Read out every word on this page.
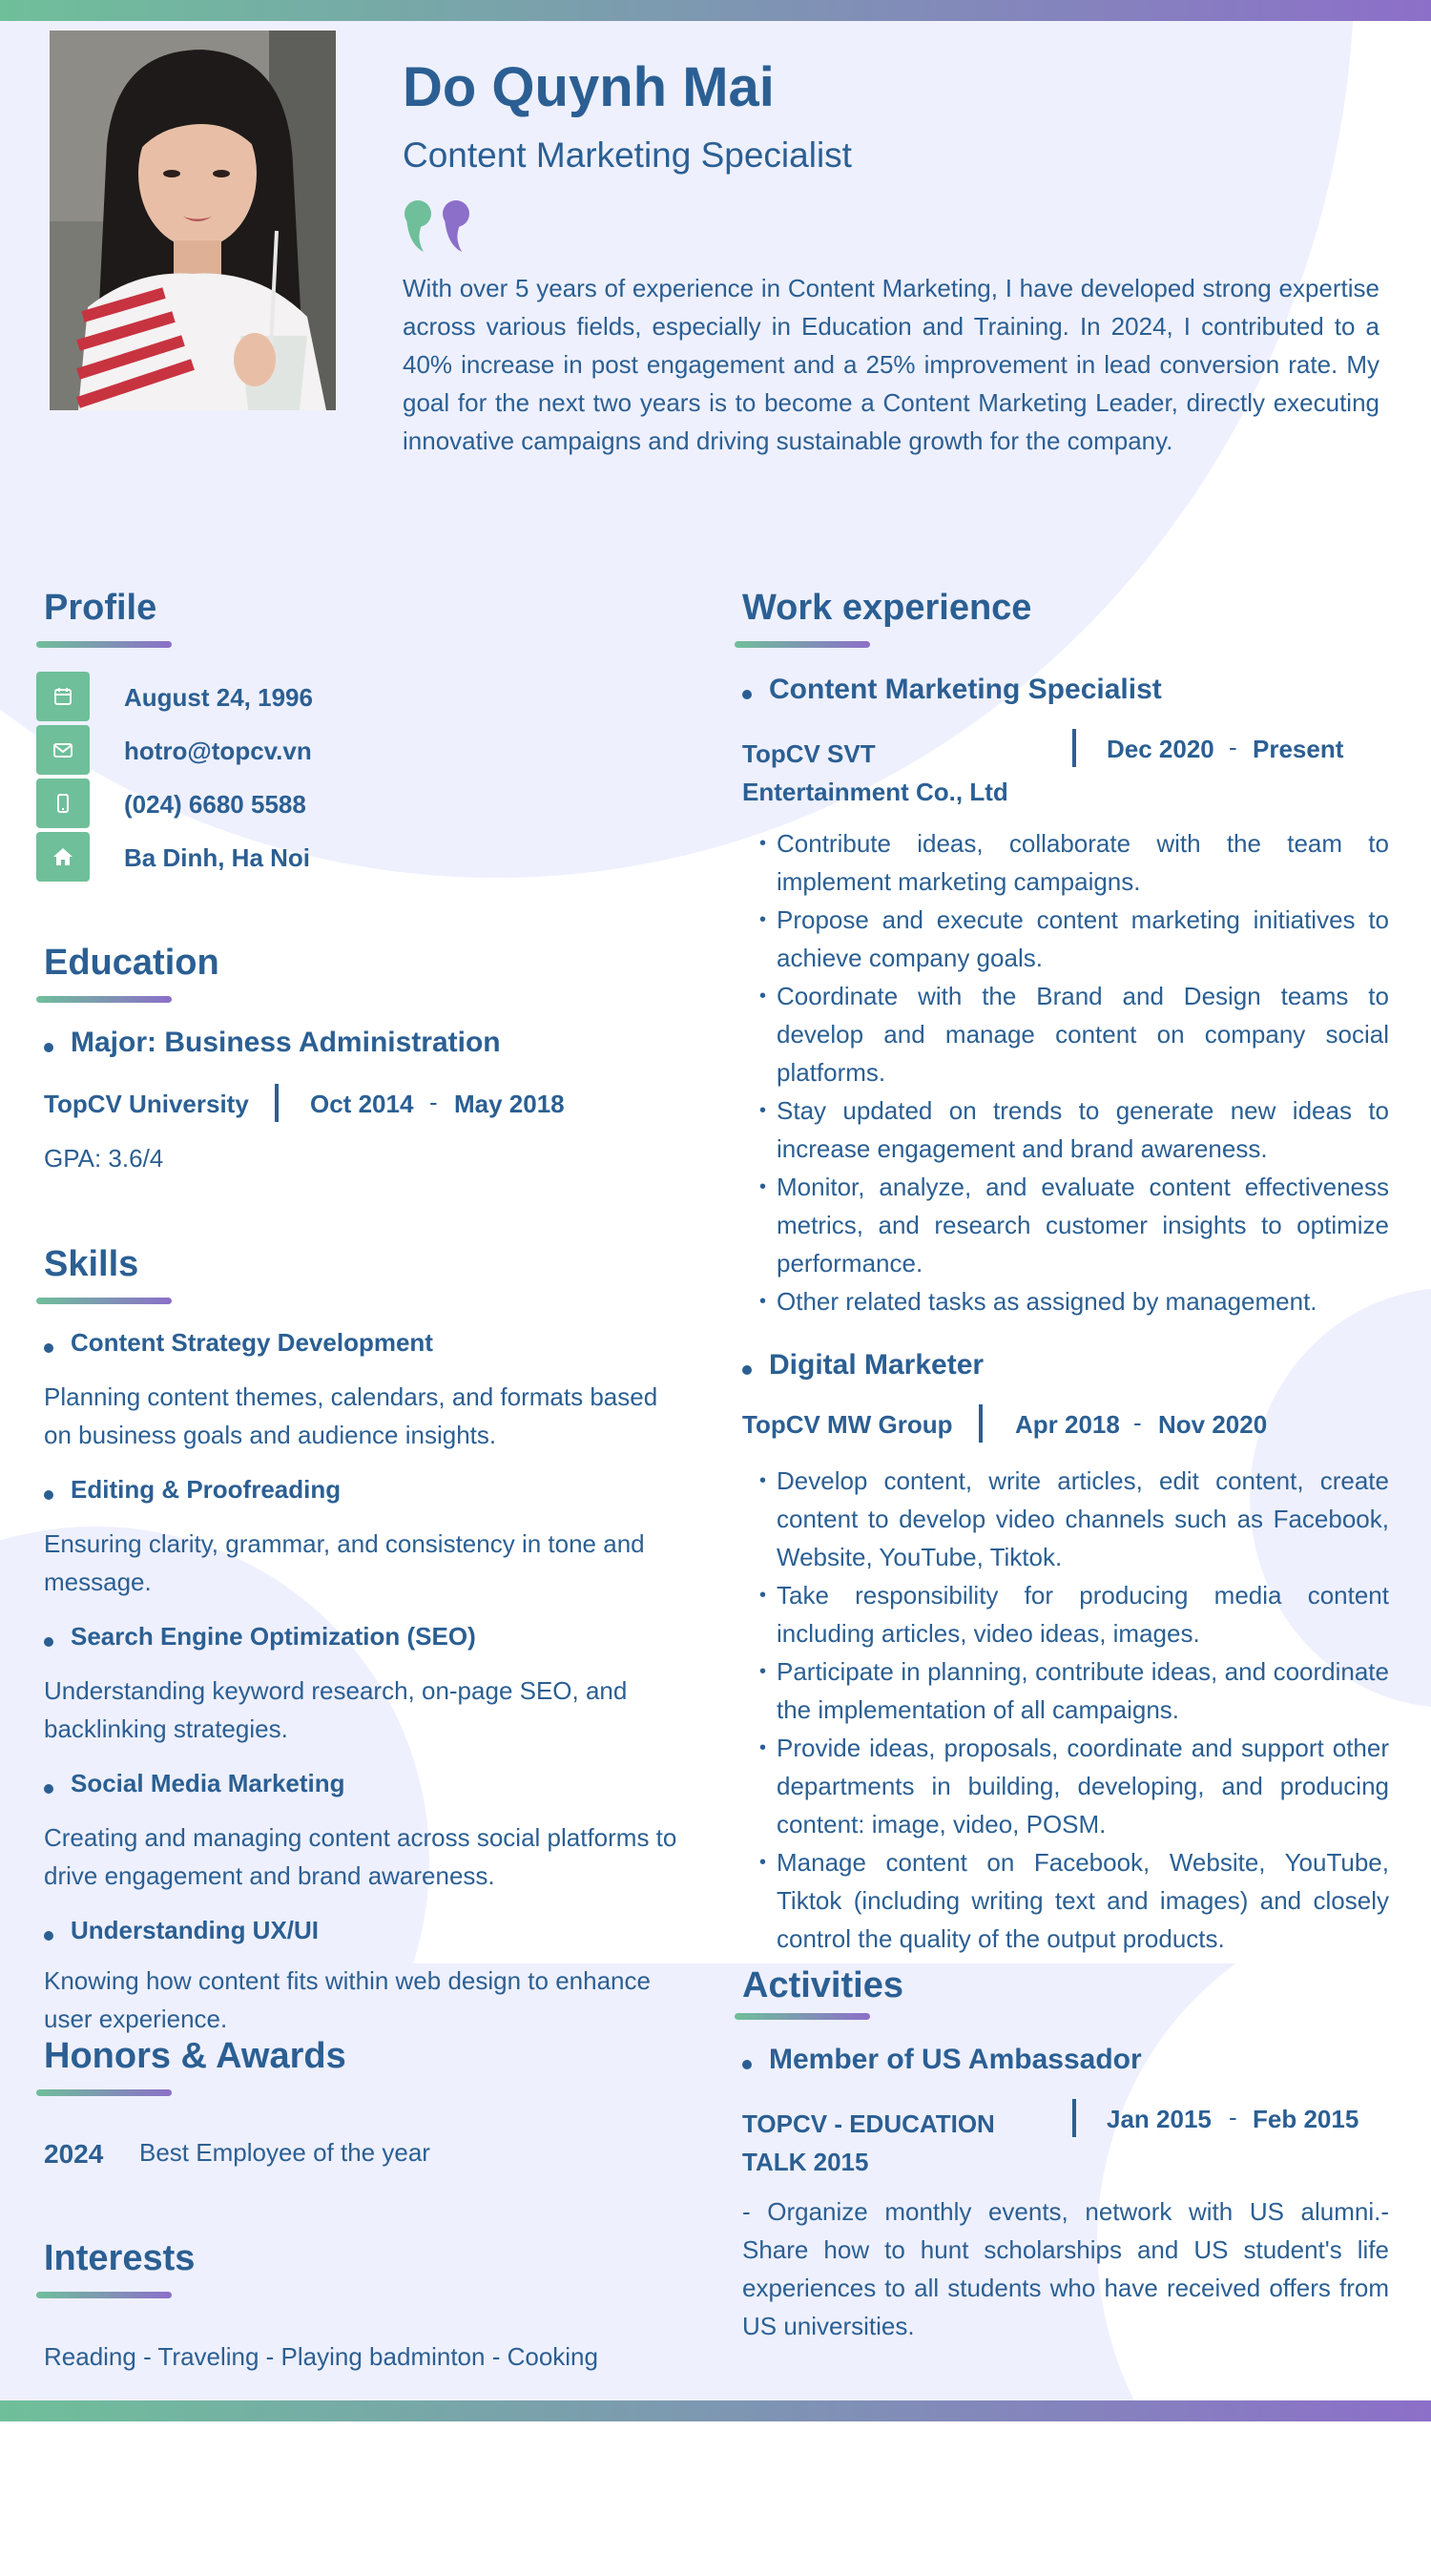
Do Quynh Mai
Content Marketing Specialist
With over 5 years of experience in Content Marketing, I have developed strong expertise across various fields, especially in Education and Training. In 2024, I contributed to a 40% increase in post engagement and a 25% improvement in lead conversion rate. My goal for the next two years is to become a Content Marketing Leader, directly executing innovative campaigns and driving sustainable growth for the company.
Profile
August 24, 1996
hotro@topcv.vn
(024) 6680 5588
Ba Dinh, Ha Noi
Education
Major: Business Administration
TopCV University Oct 2014 - May 2018
GPA: 3.6/4
Skills
Content Strategy Development
Planning content themes, calendars, and formats based on business goals and audience insights.
Editing & Proofreading
Ensuring clarity, grammar, and consistency in tone and message.
Search Engine Optimization (SEO)
Understanding keyword research, on-page SEO, and backlinking strategies.
Social Media Marketing
Creating and managing content across social platforms to drive engagement and brand awareness.
Understanding UX/UI
Knowing how content fits within web design to enhance user experience.
Honors & Awards
2024 Best Employee of the year
Interests
Reading - Traveling - Playing badminton - Cooking
Work experience
Content Marketing Specialist
TopCV SVT Entertainment Co., Ltd
Dec 2020 - Present
• Contribute ideas, collaborate with the team to implement marketing campaigns.
• Propose and execute content marketing initiatives to achieve company goals.
• Coordinate with the Brand and Design teams to develop and manage content on company social platforms.
• Stay updated on trends to generate new ideas to increase engagement and brand awareness.
• Monitor, analyze, and evaluate content effectiveness metrics, and research customer insights to optimize performance.
• Other related tasks as assigned by management.
Digital Marketer
TopCV MW Group	Apr 2018 - Nov 2020
• Develop content, write articles, edit content, create content to develop video channels such as Facebook, Website, YouTube, Tiktok.
• Take responsibility for producing media content including articles, video ideas, images.
• Participate in planning, contribute ideas, and coordinate the implementation of all campaigns.
• Provide ideas, proposals, coordinate and support other departments in building, developing, and producing content: image, video, POSM.
• Manage content on Facebook, Website, YouTube, Tiktok (including writing text and images) and closely control the quality of the output products.
Activities
Member of US Ambassador
TOPCV - EDUCATION TALK 2015
Jan 2015 - Feb 2015
- Organize monthly events, network with US alumni.- Share how to hunt scholarships and US student's life experiences to all students who have received offers from US universities.
